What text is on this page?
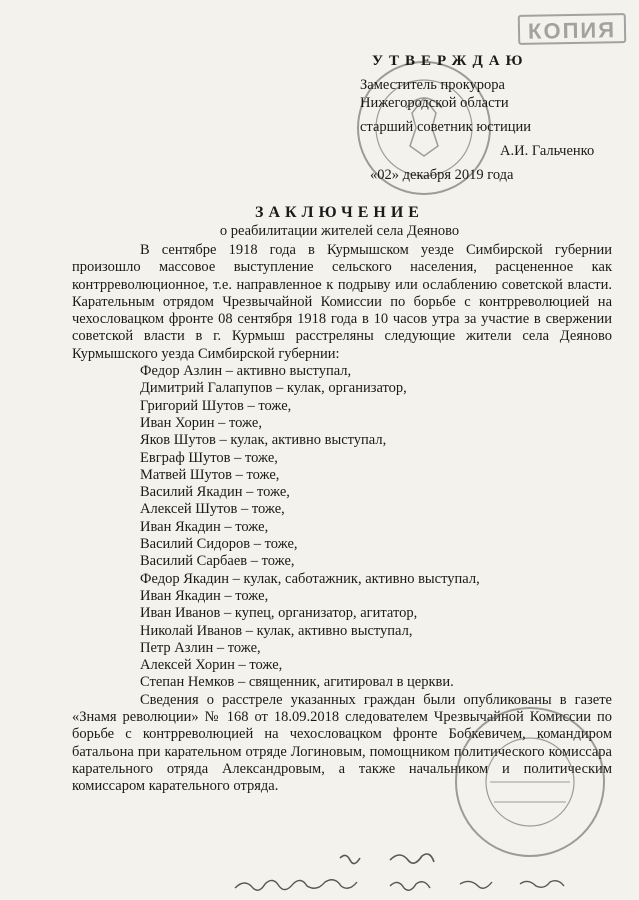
КОПИЯ
УТВЕРЖДАЮ
Заместитель прокурора
Нижегородской области
старший советник юстиции
А.И. Гальченко
«02» декабря 2019 года
ЗАКЛЮЧЕНИЕ
о реабилитации жителей села Деяново
В сентябре 1918 года в Курмышском уезде Симбирской губернии произошло массовое выступление сельского населения, расцененное как контрреволюционное, т.е. направленное к подрыву или ослаблению советской власти. Карательным отрядом Чрезвычайной Комиссии по борьбе с контрреволюцией на чехословацком фронте 08 сентября 1918 года в 10 часов утра за участие в свержении советской власти в г. Курмыш расстреляны следующие жители села Деяново Курмышского уезда Симбирской губернии:
Федор Азлин – активно выступал,
Димитрий Галапупов – кулак, организатор,
Григорий Шутов – тоже,
Иван Хорин – тоже,
Яков Шутов – кулак, активно выступал,
Евграф Шутов – тоже,
Матвей Шутов – тоже,
Василий Якадин – тоже,
Алексей Шутов – тоже,
Иван Якадин – тоже,
Василий Сидоров – тоже,
Василий Сарбаев – тоже,
Федор Якадин – кулак, саботажник, активно выступал,
Иван Якадин – тоже,
Иван Иванов – купец, организатор, агитатор,
Николай Иванов – кулак, активно выступал,
Петр Азлин – тоже,
Алексей Хорин – тоже,
Степан Немков – священник, агитировал в церкви.
Сведения о расстреле указанных граждан были опубликованы в газете «Знамя революции» № 168 от 18.09.2018 следователем Чрезвычайной Комиссии по борьбе с контрреволюцией на чехословацком фронте Бобкевичем, командиром батальона при карательном отряде Логиновым, помощником политического комиссара карательного отряда Александровым, а также начальником и политическим комиссаром карательного отряда.
